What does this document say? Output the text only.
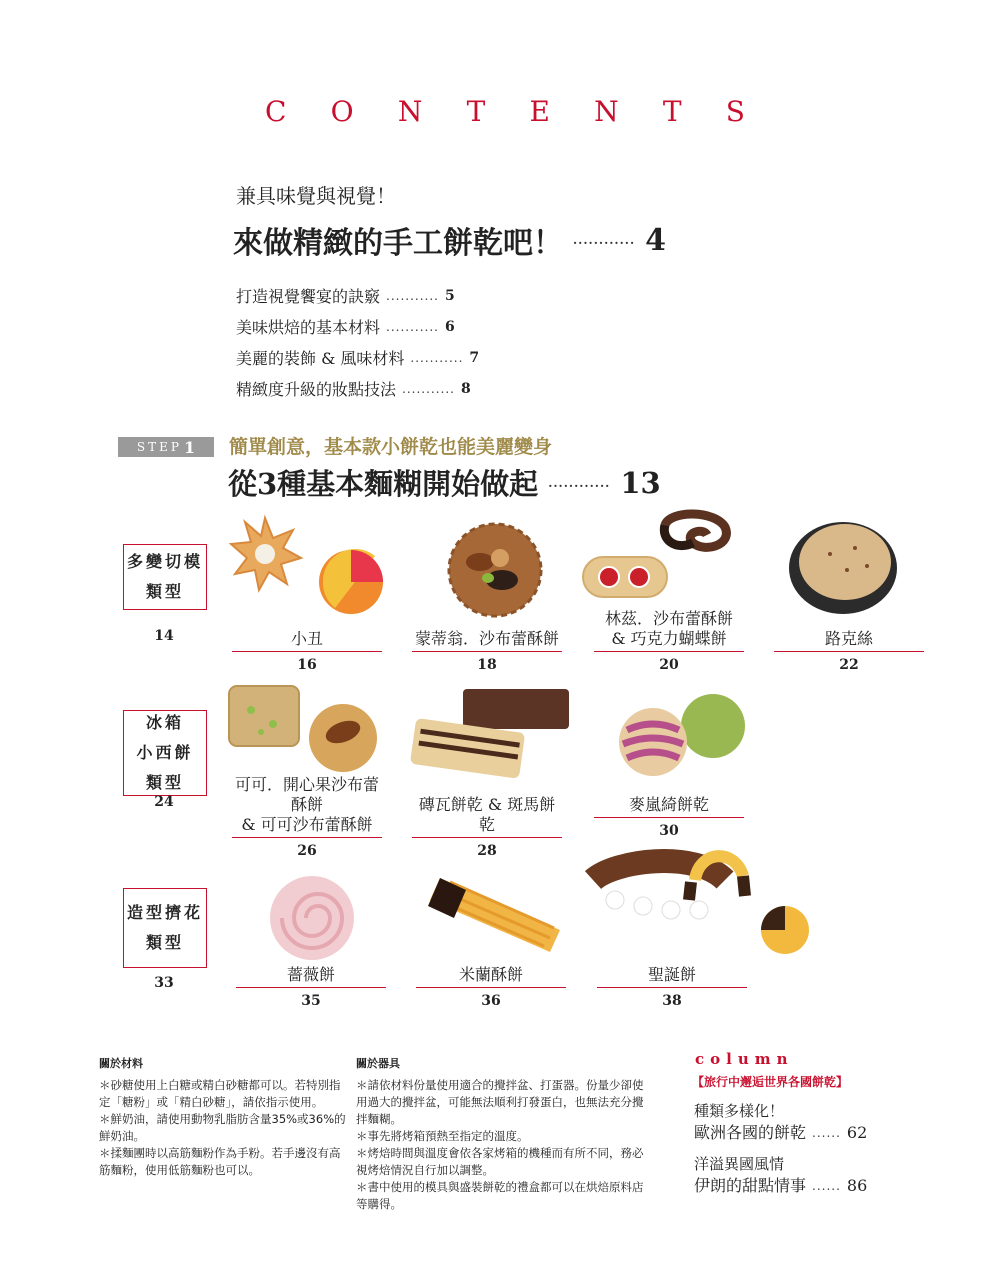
C O N T E N T S
兼具味覺與視覺！
來做精緻的手工餅乾吧！ ............ 4
打造視覺饗宴的訣竅 ........... 5
美味烘焙的基本材料 ........... 6
美麗的裝飾 & 風味材料 ........... 7
精緻度升級的妝點技法 ........... 8
STEP 1 簡單創意，基本款小餅乾也能美麗變身
從3種基本麵糊開始做起 ............ 13
多變切模
類型
14	小丑
16
蒙蒂翁．沙布蕾酥餅
18
林茲．沙布蕾酥餅
& 巧克力蝴蝶餅
20
路克絲
22
冰箱
小西餅
類型
24
可可．開心果沙布蕾酥餅
& 可可沙布蕾酥餅
26
磚瓦餅乾 & 斑馬餅乾
28
麥嵐綺餅乾
30
造型擠花
類型
33	薔薇餅
35
米蘭酥餅
36
聖誕餅
38
關於材料

＊砂糖使用上白糖或精白砂糖都可以。若特別指定「糖粉」或「精白砂糖」，請依指示使用。

＊鮮奶油，請使用動物乳脂肪含量35%或36%的鮮奶油。

＊揉麵團時以高筋麵粉作為手粉。若手邊沒有高筋麵粉，使用低筋麵粉也可以。

關於器具

＊請依材料份量使用適合的攪拌盆、打蛋器。份量少卻使用過大的攪拌盆，可能無法順利打發蛋白，也無法充分攪拌麵糊。

＊事先將烤箱預熱至指定的溫度。

＊烤焙時間與溫度會依各家烤箱的機種而有所不同，務必視烤焙情況自行加以調整。

＊書中使用的模具與盛裝餅乾的禮盒都可以在烘焙原料店等購得。

column
【旅行中邂逅世界各國餅乾】
種類多樣化！
歐洲各國的餅乾 ...... 62
洋溢異國風情
伊朗的甜點情事 ...... 86
